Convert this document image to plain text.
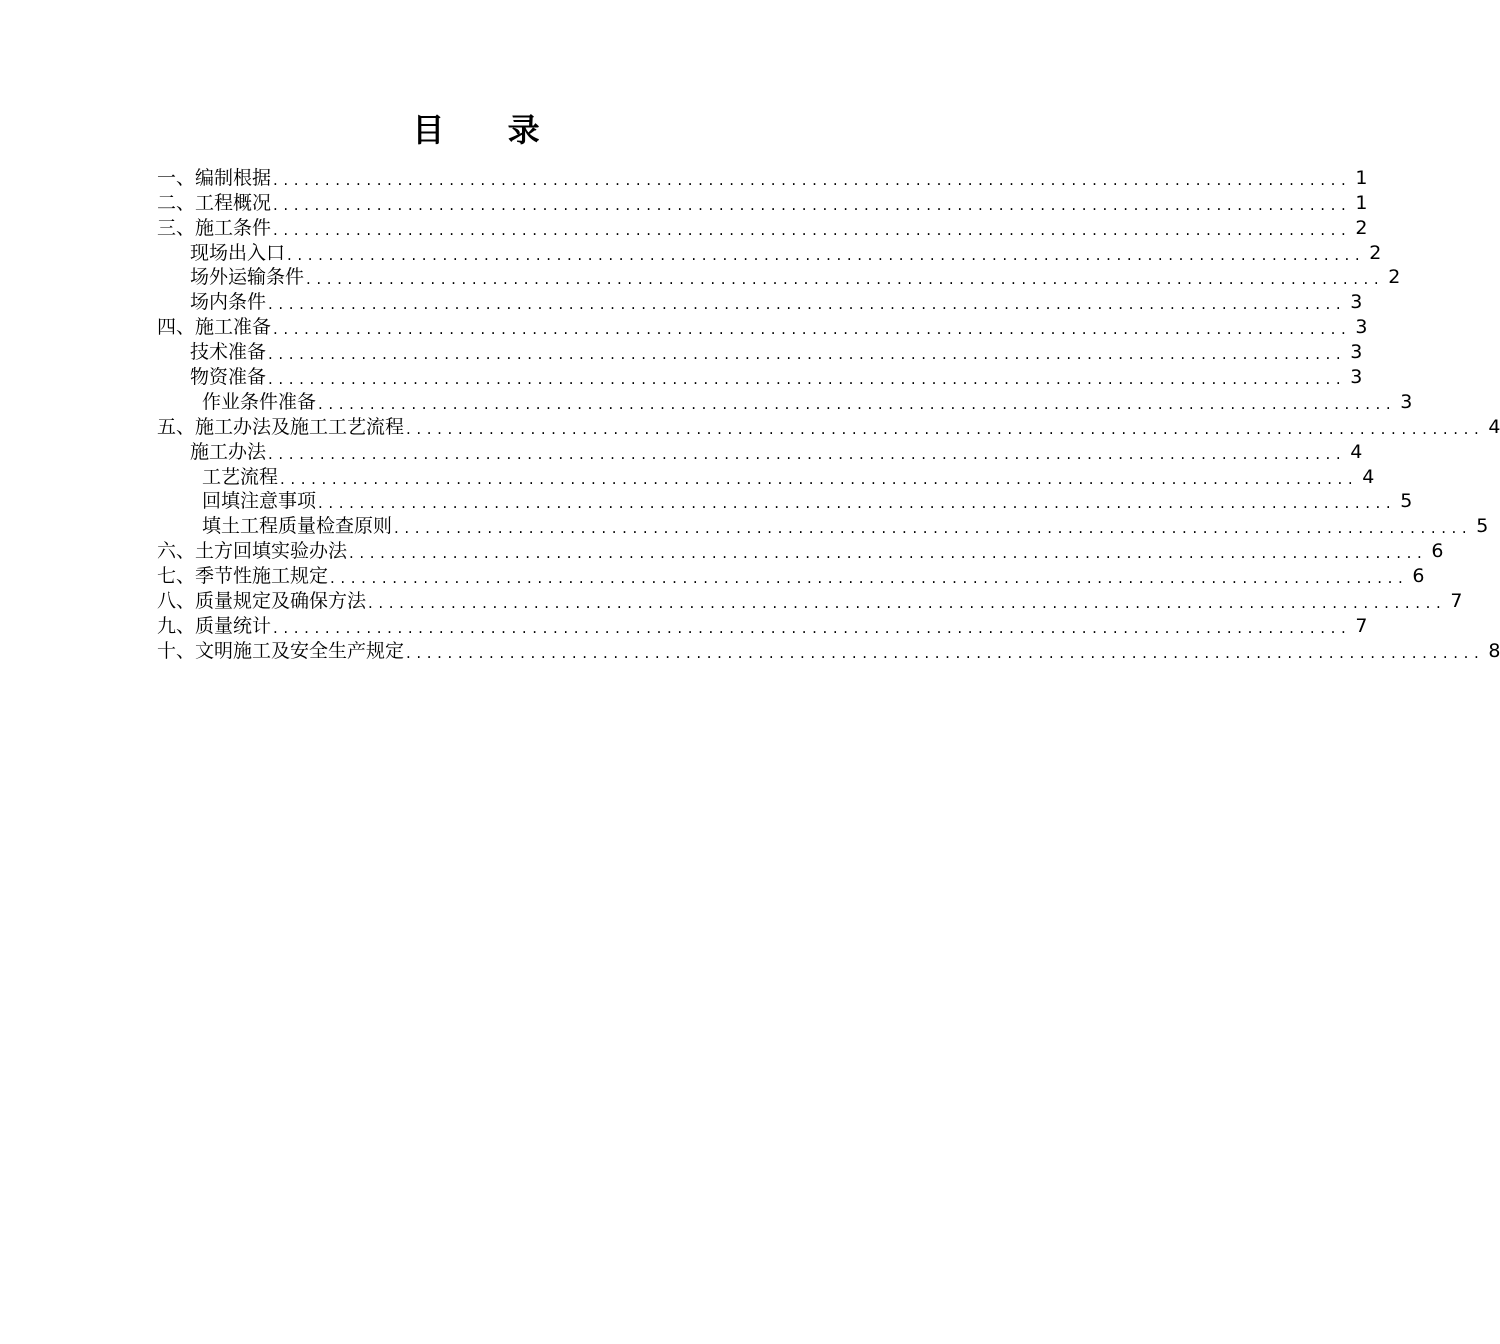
目 录
一、 编制根据 ........................................................................................................ 1
二、 工程概况 ........................................................................................................ 1
三、 施工条件 ........................................................................................................ 2
现场出入口 ........................................................................................................ 2
场外运输条件 ........................................................................................................ 2
场内条件 ........................................................................................................ 3
四、 施工准备 ........................................................................................................ 3
技术准备 ........................................................................................................ 3
物资准备 ........................................................................................................ 3
作业条件准备 ........................................................................................................ 3
五、 施工办法及施工工艺流程 ........................................................................................................ 4
施工办法 ........................................................................................................ 4
工艺流程 ........................................................................................................ 4
回填注意事项 ........................................................................................................ 5
填土工程质量检查原则 ........................................................................................................ 5
六、 土方回填实验办法 ........................................................................................................ 6
七、 季节性施工规定 ........................................................................................................ 6
八、 质量规定及确保方法 ........................................................................................................ 7
九、 质量统计 ........................................................................................................ 7
十、 文明施工及安全生产规定 ........................................................................................................ 8
